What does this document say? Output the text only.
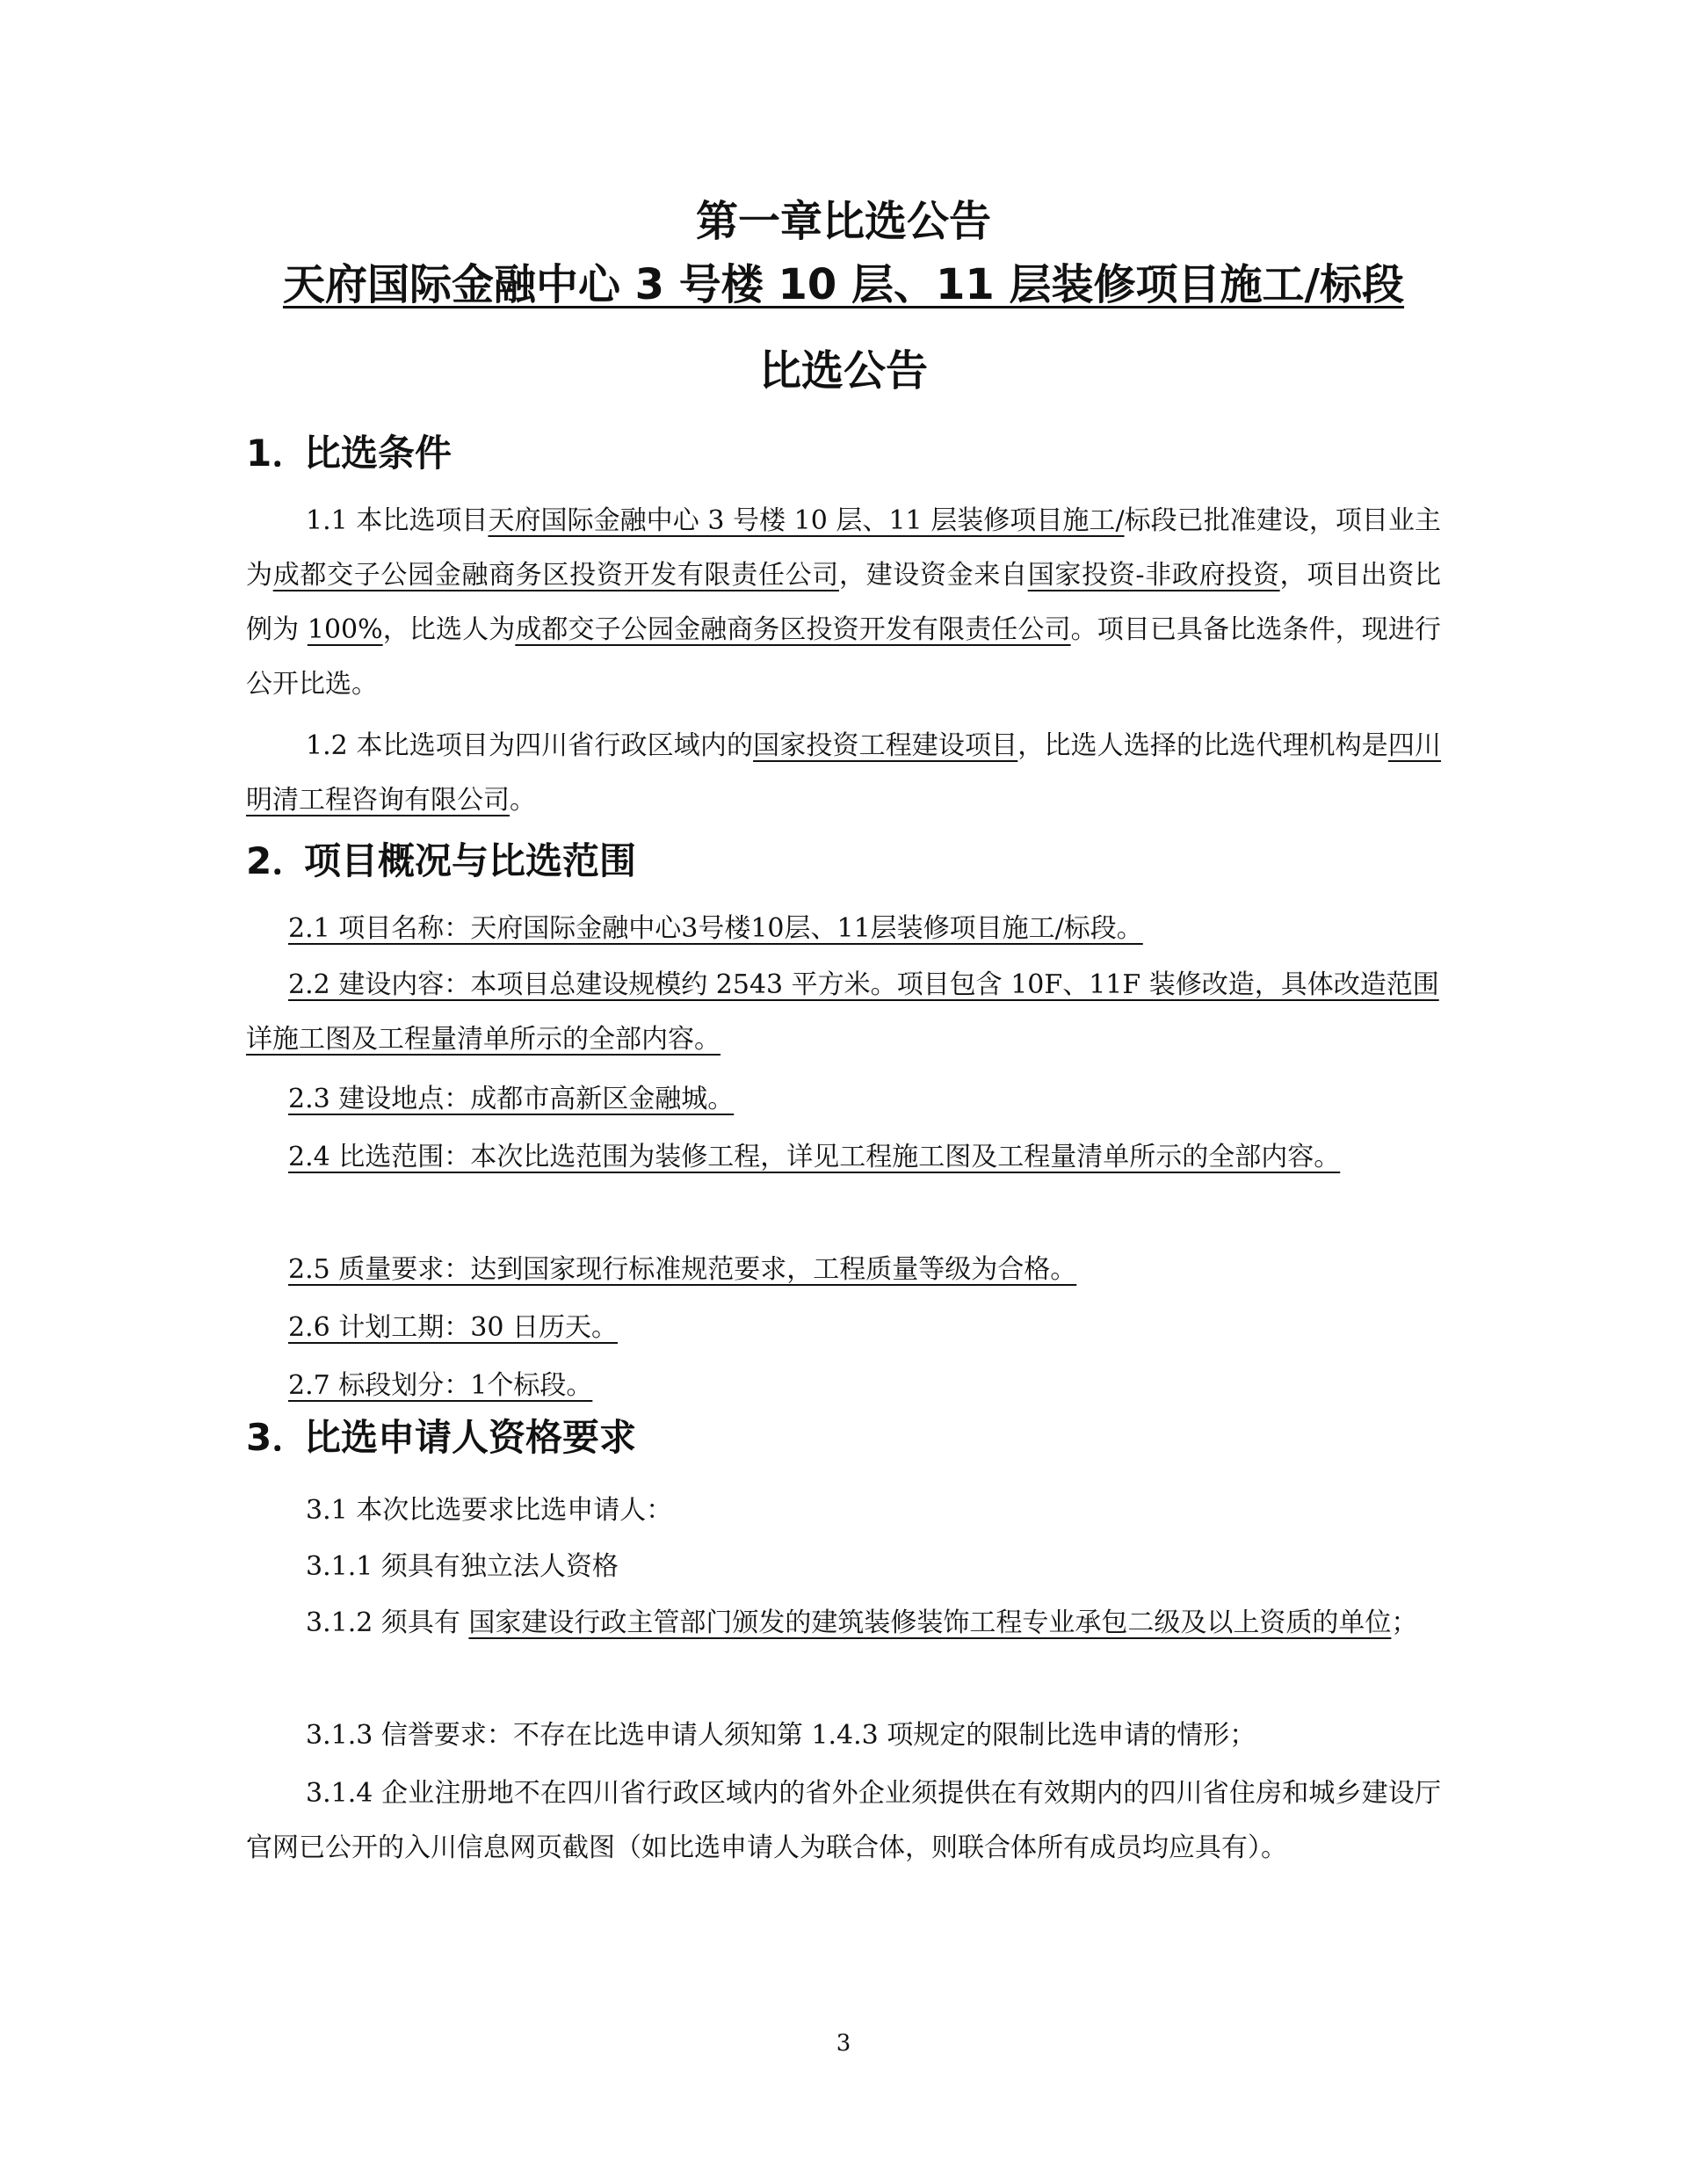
第一章比选公告
天府国际金融中心 3 号楼 10 层、11 层装修项目施工/标段
比选公告
1．比选条件

1.1 本比选项目天府国际金融中心 3 号楼 10 层、11 层装修项目施工/标段已批准建设，项目业主为成都交子公园金融商务区投资开发有限责任公司，建设资金来自国家投资-非政府投资，项目出资比例为 100%，比选人为成都交子公园金融商务区投资开发有限责任公司。项目已具备比选条件，现进行公开比选。

1.2 本比选项目为四川省行政区域内的国家投资工程建设项目，比选人选择的比选代理机构是四川明清工程咨询有限公司。

2．项目概况与比选范围

2.1 项目名称：天府国际金融中心3号楼10层、11层装修项目施工/标段。

2.2 建设内容：本项目总建设规模约 2543 平方米。项目包含 10F、11F 装修改造，具体改造范围详施工图及工程量清单所示的全部内容。

2.3 建设地点：成都市高新区金融城。

2.4 比选范围：本次比选范围为装修工程，详见工程施工图及工程量清单所示的全部内容。

2.5 质量要求：达到国家现行标准规范要求，工程质量等级为合格。

2.6 计划工期：30 日历天。

2.7 标段划分：1个标段。

3．比选申请人资格要求

3.1 本次比选要求比选申请人：

3.1.1 须具有独立法人资格

3.1.2 须具有 国家建设行政主管部门颁发的建筑装修装饰工程专业承包二级及以上资质的单位；

3.1.3 信誉要求：不存在比选申请人须知第 1.4.3 项规定的限制比选申请的情形；

3.1.4 企业注册地不在四川省行政区域内的省外企业须提供在有效期内的四川省住房和城乡建设厅官网已公开的入川信息网页截图（如比选申请人为联合体，则联合体所有成员均应具有）。

3
